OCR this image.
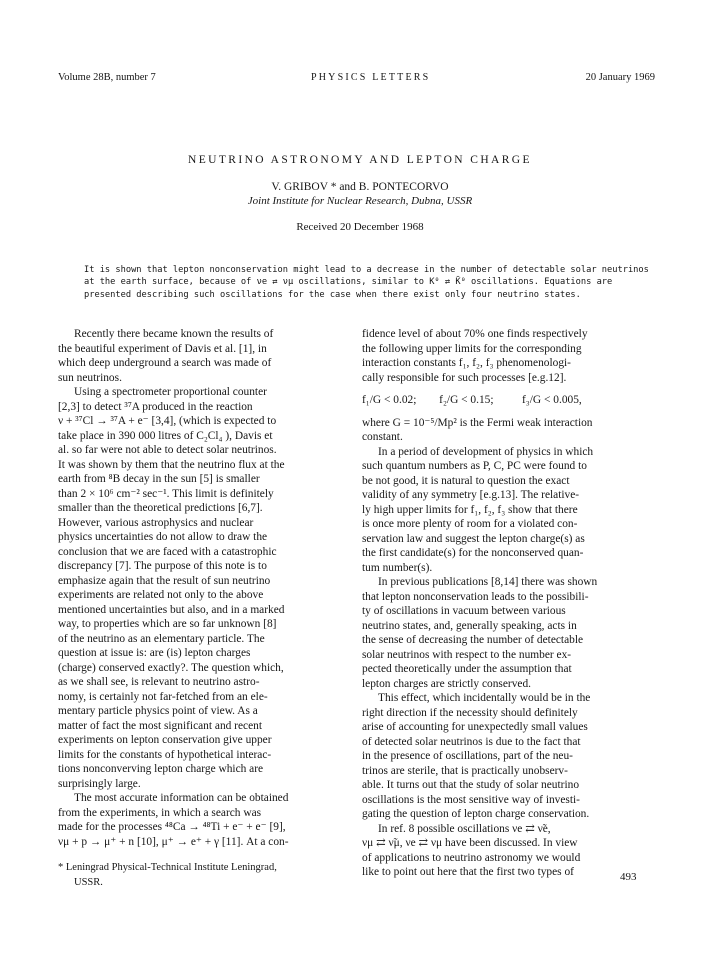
Volume 28B, number 7	PHYSICS LETTERS	20 January 1969
NEUTRINO ASTRONOMY AND LEPTON CHARGE
V. GRIBOV * and B. PONTECORVO
Joint Institute for Nuclear Research, Dubna, USSR
Received 20 December 1968
It is shown that lepton nonconservation might lead to a decrease in the number of detectable solar neutrinos
at the earth surface, because of νe ⇄ νμ oscillations, similar to K⁰ ⇄ K̄⁰ oscillations. Equations are
presented describing such oscillations for the case when there exist only four neutrino states.
Recently there became known the results of
the beautiful experiment of Davis et al. [1], in
which deep underground a search was made of
sun neutrinos.
Using a spectrometer proportional counter
[2,3] to detect ³⁷A produced in the reaction
ν + ³⁷Cl → ³⁷A + e⁻ [3,4], (which is expected to
take place in 390 000 litres of C₂Cl₄ ), Davis et
al. so far were not able to detect solar neutrinos.
It was shown by them that the neutrino flux at the
earth from ⁸B decay in the sun [5] is smaller
than 2 × 10⁶ cm⁻² sec⁻¹. This limit is definitely
smaller than the theoretical predictions [6,7].
However, various astrophysics and nuclear
physics uncertainties do not allow to draw the
conclusion that we are faced with a catastrophic
discrepancy [7]. The purpose of this note is to
emphasize again that the result of sun neutrino
experiments are related not only to the above
mentioned uncertainties but also, and in a marked
way, to properties which are so far unknown [8]
of the neutrino as an elementary particle. The
question at issue is: are (is) lepton charges
(charge) conserved exactly?. The question which,
as we shall see, is relevant to neutrino astro-
nomy, is certainly not far-fetched from an ele-
mentary particle physics point of view. As a
matter of fact the most significant and recent
experiments on lepton conservation give upper
limits for the constants of hypothetical interac-
tions nonconverving lepton charge which are
surprisingly large.
The most accurate information can be obtained
from the experiments, in which a search was
made for the processes ⁴⁸Ca → ⁴⁸Ti + e⁻ + e⁻ [9],
νμ + p → μ⁺ + n [10], μ⁺ → e⁺ + γ [11]. At a con-
* Leningrad Physical-Technical Institute Leningrad,
USSR.
fidence level of about 70% one finds respectively
the following upper limits for the corresponding
interaction constants f₁, f₂, f₃ phenomenologi-
cally responsible for such processes [e.g.12].
f₁/G < 0.02;        f₂/G < 0.15;          f₃/G < 0.005,
where G = 10⁻⁵/Mp² is the Fermi weak interaction
constant.
In a period of development of physics in which
such quantum numbers as P, C, PC were found to
be not good, it is natural to question the exact
validity of any symmetry [e.g.13]. The relative-
ly high upper limits for f₁, f₂, f₃ show that there
is once more plenty of room for a violated con-
servation law and suggest the lepton charge(s) as
the first candidate(s) for the nonconserved quan-
tum number(s).
In previous publications [8,14] there was shown
that lepton nonconservation leads to the possibili-
ty of oscillations in vacuum between various
neutrino states, and, generally speaking, acts in
the sense of decreasing the number of detectable
solar neutrinos with respect to the number ex-
pected theoretically under the assumption that
lepton charges are strictly conserved.
This effect, which incidentally would be in the
right direction if the necessity should definitely
arise of accounting for unexpectedly small values
of detected solar neutrinos is due to the fact that
in the presence of oscillations, part of the neu-
trinos are sterile, that is practically unobserv-
able. It turns out that the study of solar neutrino
oscillations is the most sensitive way of investi-
gating the question of lepton charge conservation.
In ref. 8 possible oscillations νe ⇄ ν̃e,
νμ ⇄ ν̃μ, νe ⇄ νμ have been discussed. In view
of applications to neutrino astronomy we would
like to point out here that the first two types of	493
